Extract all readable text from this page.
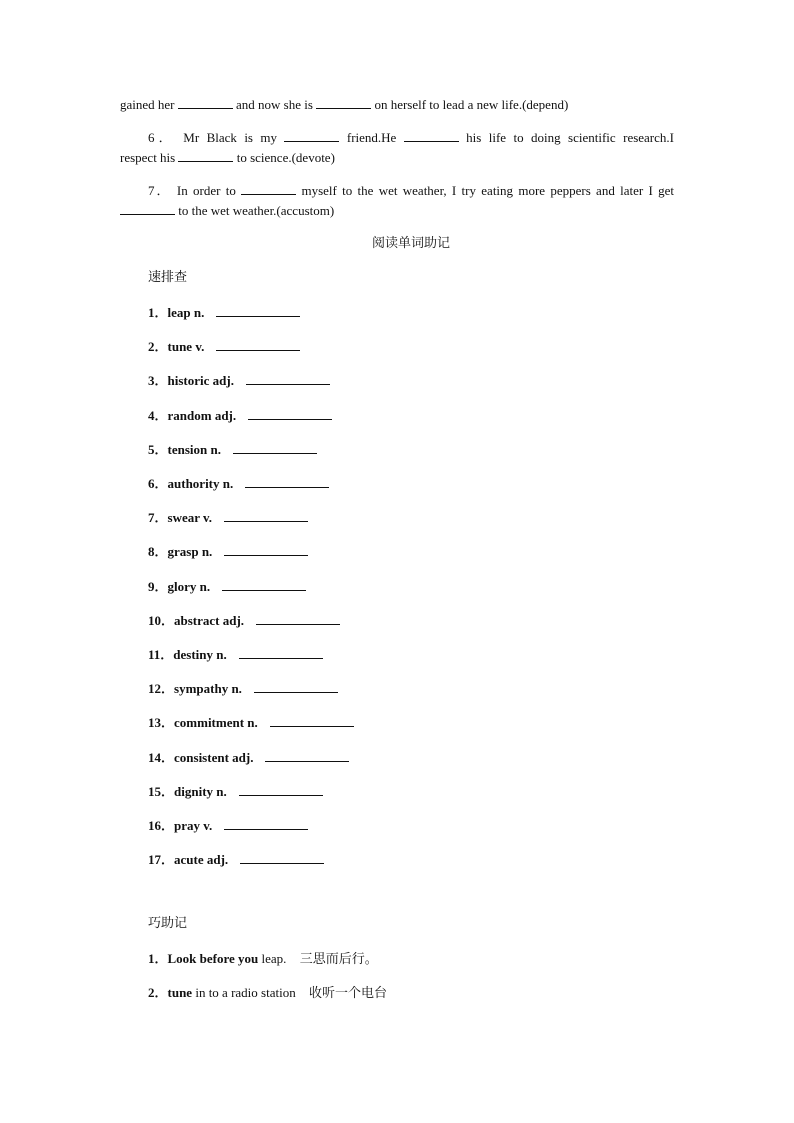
gained her	and now she is	on herself to lead a new life.(depend)
6． Mr Black is my	friend.He	his life to doing scientific research.I
respect his	to science.(devote)
7． In order to	myself to the wet weather, I try eating more peppers and later I get
to the wet weather.(accustom)
阅读单词助记
速排查
1．leap n.
2．tune v.
3．historic adj.
4．random adj.
5．tension n.
6．authority n.
7．swear v.
8．grasp n.
9．glory n.
10．abstract adj.
11．destiny n.
12．sympathy n.
13．commitment n.
14．consistent adj.
15．dignity n.
16．pray v.
17．acute adj.
巧助记
1．Look before you leap. 三思而后行。
2．tune in to a radio station 收听一个电台
